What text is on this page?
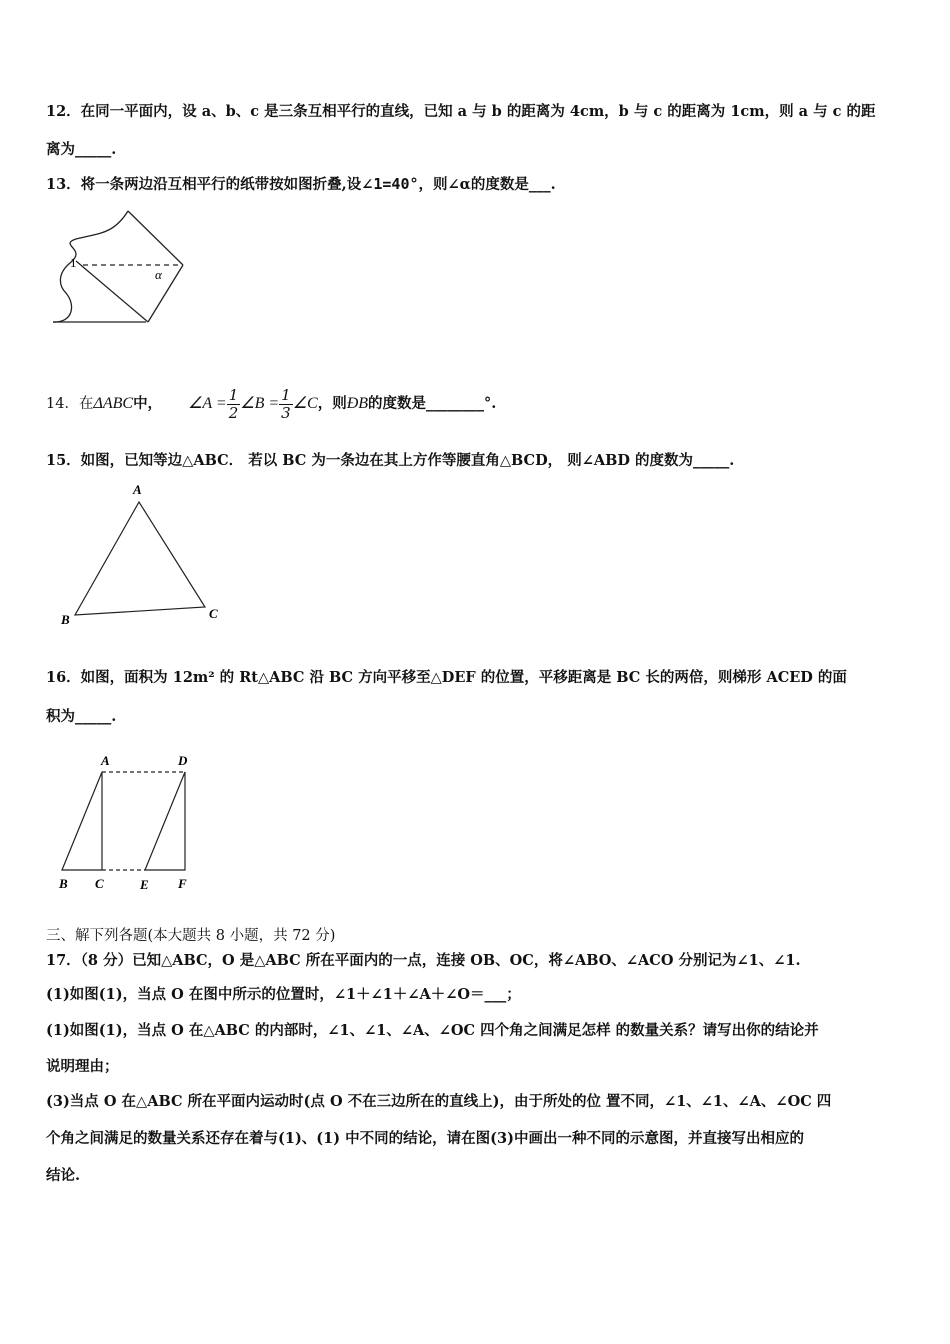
12．在同一平面内，设 a、b、c 是三条互相平行的直线，已知 a 与 b 的距离为 4cm，b 与 c 的距离为 1cm，则 a 与 c 的距
离为_____.
13．将一条两边沿互相平行的纸带按如图折叠,设∠1=40°，则∠α的度数是___.
1
α
14．在ΔABC中， ∠A = $\frac{1}{2}$ ∠B = $\frac{1}{3}$ ∠C，则ÐB的度数是________°.
15．如图，已知等边△ABC． 若以 BC 为一条边在其上方作等腰直角△BCD， 则∠ABD 的度数为_____.
A
B	C
16．如图，面积为 12m² 的 Rt△ABC 沿 BC 方向平移至△DEF 的位置，平移距离是 BC 长的两倍，则梯形 ACED 的面
积为_____.
A	D
B C	E F
三、解下列各题(本大题共 8 小题，共 72 分)
17．（8 分）已知△ABC，O 是△ABC 所在平面内的一点，连接 OB、OC，将∠ABO、∠ACO 分别记为∠1、∠1.
(1)如图(1)，当点 O 在图中所示的位置时，∠1＋∠1＋∠A＋∠O＝___；
(1)如图(1)，当点 O 在△ABC 的内部时，∠1、∠1、∠A、∠OC 四个角之间满足怎样 的数量关系？请写出你的结论并
说明理由；
(3)当点 O 在△ABC 所在平面内运动时(点 O 不在三边所在的直线上)，由于所处的位 置不同，∠1、∠1、∠A、∠OC 四
个角之间满足的数量关系还存在着与(1)、(1) 中不同的结论，请在图(3)中画出一种不同的示意图，并直接写出相应的
结论.
